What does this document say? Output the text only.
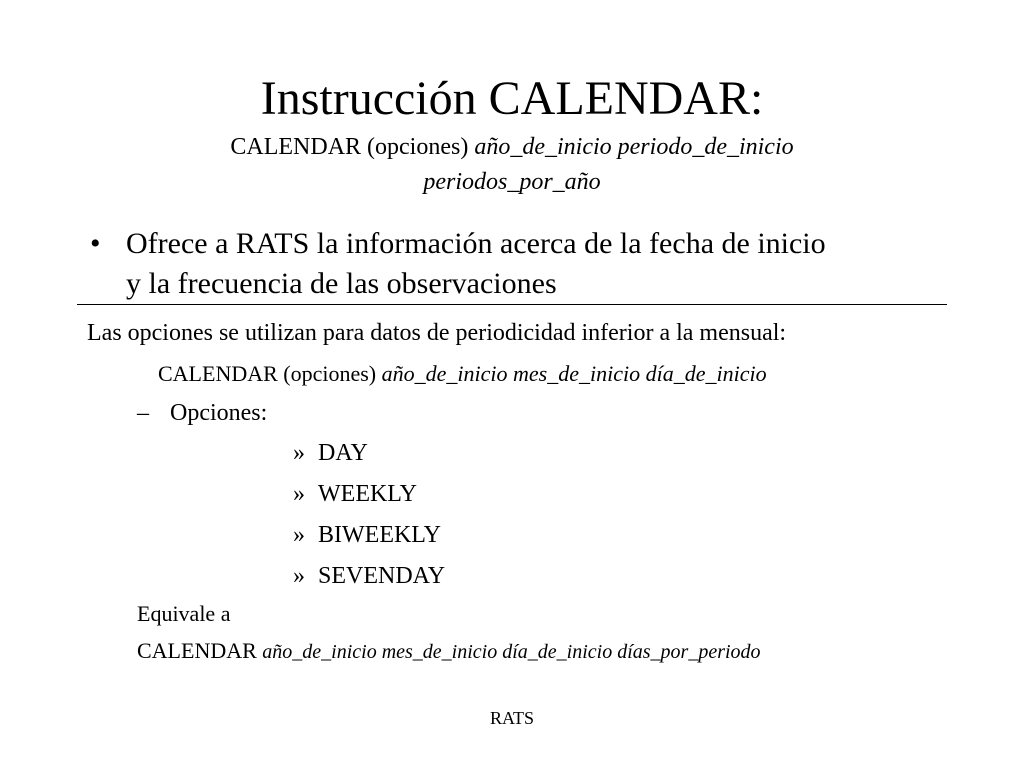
Instrucción CALENDAR:
CALENDAR (opciones) año_de_inicio periodo_de_inicio
periodos_por_año
• Ofrece a RATS la información acerca de la fecha de inicio
y la frecuencia de las observaciones
Las opciones se utilizan para datos de periodicidad inferior a la mensual:
CALENDAR (opciones) año_de_inicio mes_de_inicio día_de_inicio
– Opciones:
» DAY
» WEEKLY
» BIWEEKLY
» SEVENDAY
Equivale a
CALENDAR año_de_inicio mes_de_inicio día_de_inicio días_por_periodo
RATS
